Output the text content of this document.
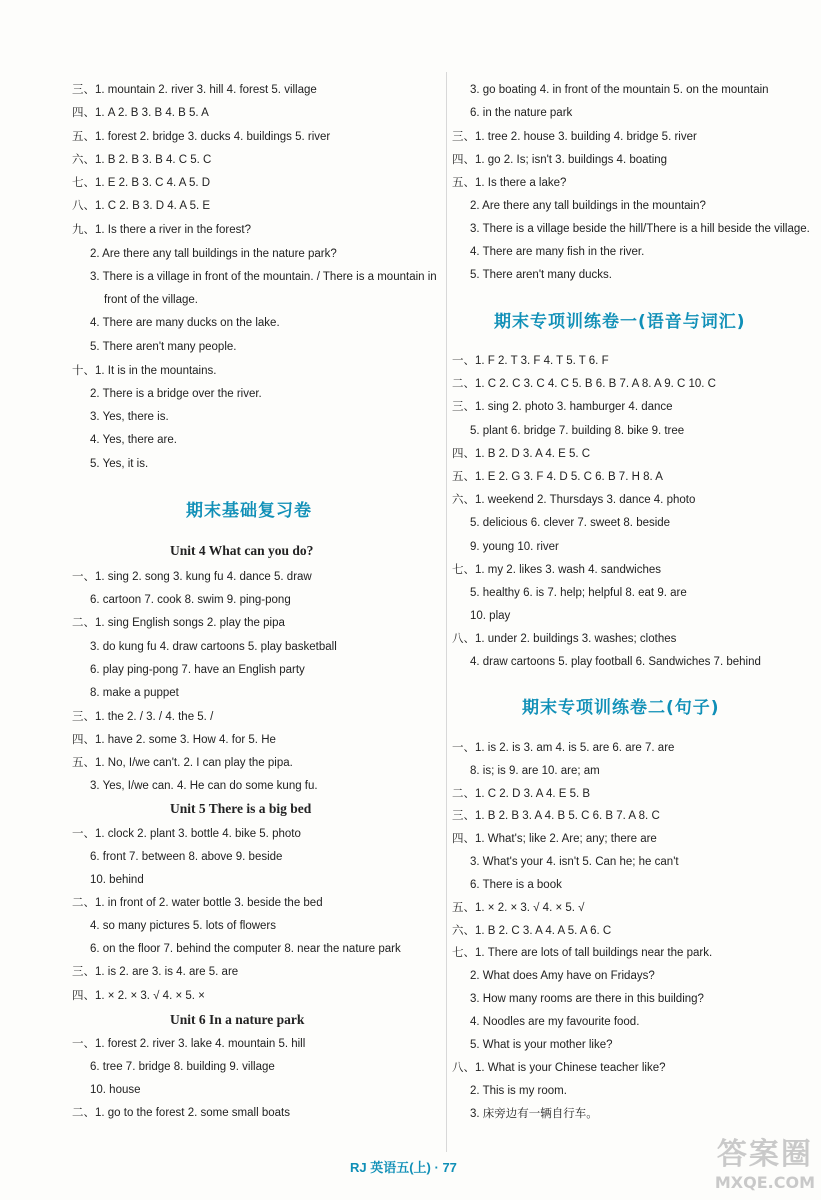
三、1. mountain 2. river 3. hill 4. forest 5. village
四、1. A 2. B 3. B 4. B 5. A
五、1. forest 2. bridge 3. ducks 4. buildings 5. river
六、1. B 2. B 3. B 4. C 5. C
七、1. E 2. B 3. C 4. A 5. D
八、1. C 2. B 3. D 4. A 5. E
九、1. Is there a river in the forest?
2. Are there any tall buildings in the nature park?
3. There is a village in front of the mountain. / There is a mountain in
front of the village.
4. There are many ducks on the lake.
5. There aren't many people.
十、1. It is in the mountains.
2. There is a bridge over the river.
3. Yes, there is.
4. Yes, there are.
5. Yes, it is.
一、1. sing 2. song 3. kung fu 4. dance 5. draw
6. cartoon 7. cook 8. swim 9. ping-pong
二、1. sing English songs 2. play the pipa
3. do kung fu 4. draw cartoons 5. play basketball
6. play ping-pong 7. have an English party
8. make a puppet
三、1. the 2. / 3. / 4. the 5. /
四、1. have 2. some 3. How 4. for 5. He
五、1. No, I/we can't. 2. I can play the pipa.
3. Yes, I/we can. 4. He can do some kung fu.
一、1. clock 2. plant 3. bottle 4. bike 5. photo
6. front 7. between 8. above 9. beside
10. behind
二、1. in front of 2. water bottle 3. beside the bed
4. so many pictures 5. lots of flowers
6. on the floor 7. behind the computer 8. near the nature park
三、1. is 2. are 3. is 4. are 5. are
四、1. × 2. × 3. √ 4. × 5. ×
一、1. forest 2. river 3. lake 4. mountain 5. hill
6. tree 7. bridge 8. building 9. village
10. house
二、1. go to the forest 2. some small boats
3. go boating 4. in front of the mountain 5. on the mountain
6. in the nature park
三、1. tree 2. house 3. building 4. bridge 5. river
四、1. go 2. Is; isn't 3. buildings 4. boating
五、1. Is there a lake?
2. Are there any tall buildings in the mountain?
3. There is a village beside the hill/There is a hill beside the village.
4. There are many fish in the river.
5. There aren't many ducks.
一、1. F 2. T 3. F 4. T 5. T 6. F
二、1. C 2. C 3. C 4. C 5. B 6. B 7. A 8. A 9. C 10. C
三、1. sing 2. photo 3. hamburger 4. dance
5. plant 6. bridge 7. building 8. bike 9. tree
四、1. B 2. D 3. A 4. E 5. C
五、1. E 2. G 3. F 4. D 5. C 6. B 7. H 8. A
六、1. weekend 2. Thursdays 3. dance 4. photo
5. delicious 6. clever 7. sweet 8. beside
9. young 10. river
七、1. my 2. likes 3. wash 4. sandwiches
5. healthy 6. is 7. help; helpful 8. eat 9. are
10. play
八、1. under 2. buildings 3. washes; clothes
4. draw cartoons 5. play football 6. Sandwiches 7. behind
一、1. is 2. is 3. am 4. is 5. are 6. are 7. are
8. is; is 9. are 10. are; am
二、1. C 2. D 3. A 4. E 5. B
三、1. B 2. B 3. A 4. B 5. C 6. B 7. A 8. C
四、1. What's; like 2. Are; any; there are
3. What's your 4. isn't 5. Can he; he can't
6. There is a book
五、1. × 2. × 3. √ 4. × 5. √
六、1. B 2. C 3. A 4. A 5. A 6. C
七、1. There are lots of tall buildings near the park.
2. What does Amy have on Fridays?
3. How many rooms are there in this building?
4. Noodles are my favourite food.
5. What is your mother like?
八、1. What is your Chinese teacher like?
2. This is my room.
3. 床旁边有一辆自行车。
期末基础复习卷
期末专项训练卷一(语音与词汇)
期末专项训练卷二(句子)
Unit 4 What can you do?
Unit 5 There is a big bed
Unit 6 In a nature park
RJ 英语五(上) · 77	答案圈
MXQE.COM
